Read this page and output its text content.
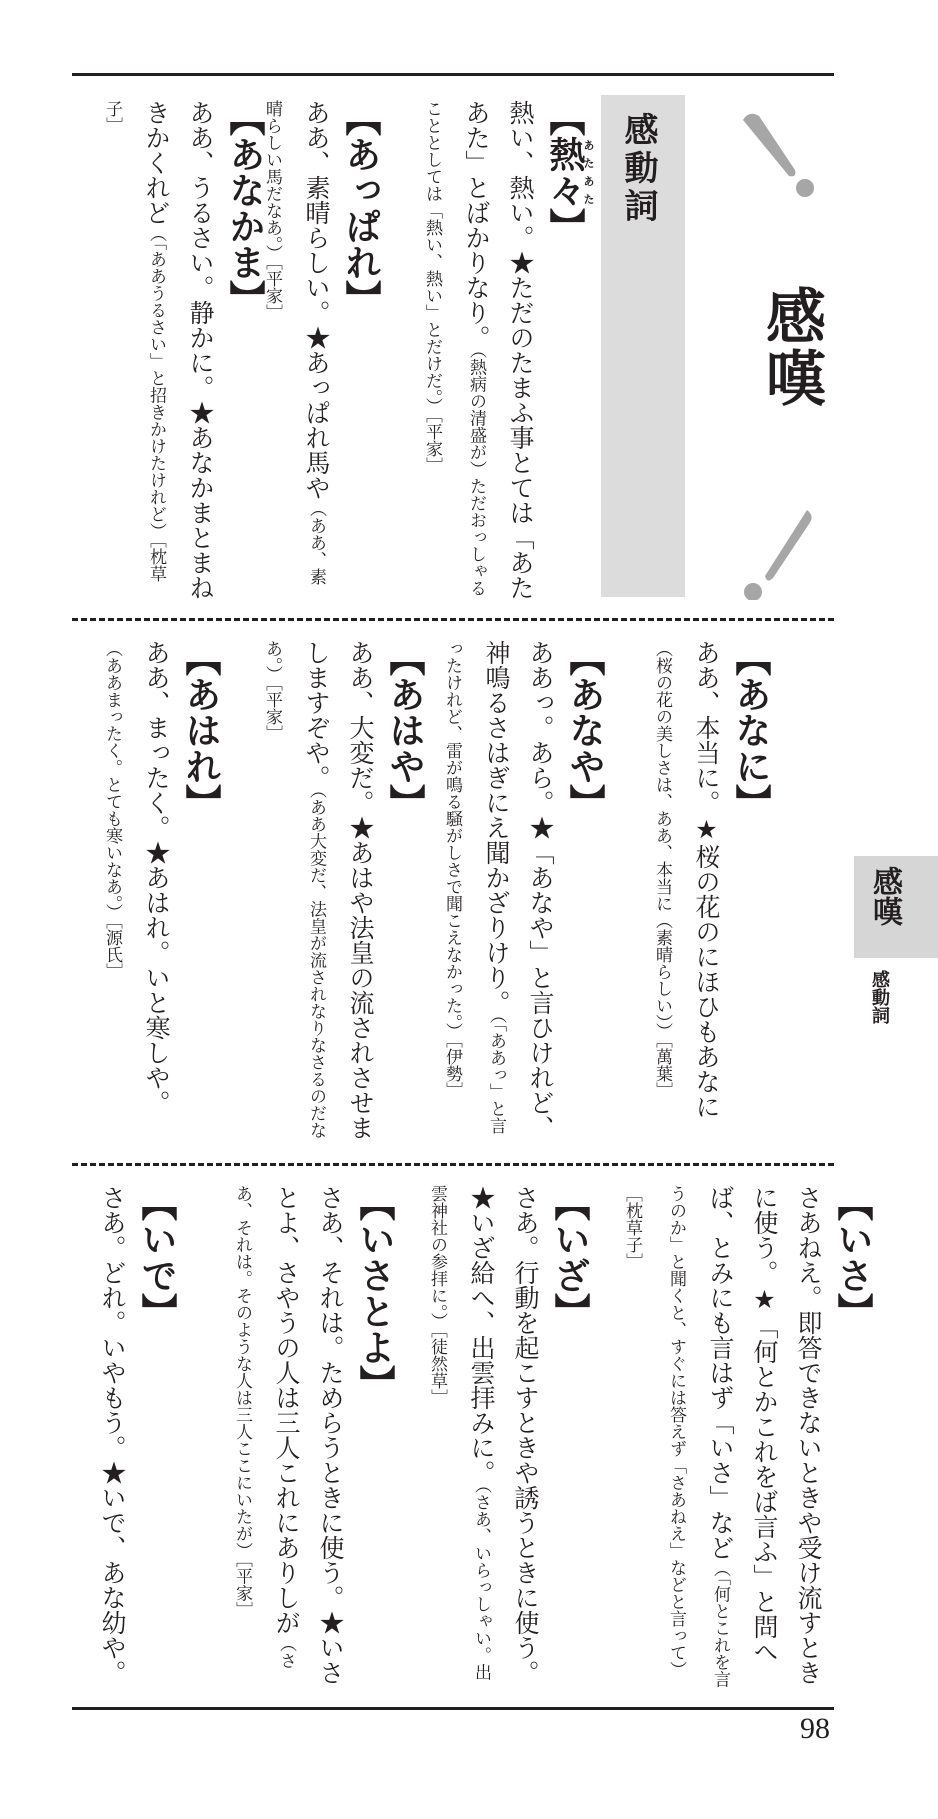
感嘆
感動詞
【熱々あたあた】
熱い、熱い。★ただのたまふ事とては「あたあた」とばかりなり。（熱病の清盛が）ただおっしゃることとしては「熱い、熱い」とだけだ。）［平家］
【あっぱれ】
ああ、素晴らしい。★あっぱれ馬や（ああ、素晴らしい馬だなあ。）［平家］
【あなかま】
ああ、うるさい。静かに。★あなかまとまねきかくれど（「ああうるさい」と招きかけたけれど）［枕草子］
【あなに】
ああ、本当に。★桜の花のにほひもあなに（桜の花の美しさは、ああ、本当に（素晴らしい））［萬葉］
【あなや】
ああっ。あら。★「あなや」と言ひけれど、神鳴るさはぎにえ聞かざりけり。（「ああっ」と言ったけれど、雷が鳴る騒がしさで聞こえなかった。）［伊勢］
【あはや】
ああ、大変だ。★あはや法皇の流されさせましますぞや。（ああ大変だ、法皇が流されなりなさるのだなあ。）［平家］
【あはれ】
ああ、まったく。★あはれ。いと寒しや。（ああまったく。とても寒いなあ。）［源氏］
【いさ】
さあねえ。即答できないときや受け流すときに使う。★「何とかこれをば言ふ」と問へば、とみにも言はず「いさ」など（「何とこれを言うのか」と聞くと、すぐには答えず「さあねえ」などと言って）［枕草子］
【いざ】
さあ。行動を起こすときや誘うときに使う。★いざ給へ、出雲拝みに。（さあ、いらっしゃい。出雲神社の参拝に。）［徒然草］
【いさとよ】
さあ、それは。ためらうときに使う。★いさとよ、さやうの人は三人これにありしが（さあ、それは。そのような人は三人ここにいたが）［平家］
【いで】
さあ。どれ。いやもう。★いで、あな幼や。
感嘆
感動詞
98
